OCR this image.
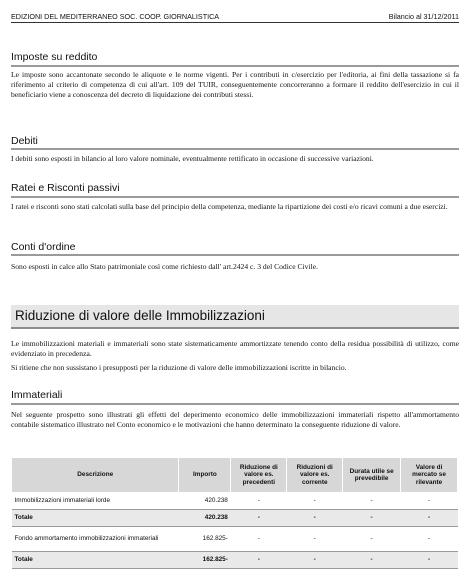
EDIZIONI DEL MEDITERRANEO SOC. COOP. GIORNALISTICA	Bilancio al 31/12/2011
Imposte su reddito
Le imposte sono accantonate secondo le aliquote e le norme vigenti. Per i contributi in c/esercizio per l'editoria, ai fini della tassazione si fa riferimento al criterio di competenza di cui all'art. 109 del TUIR, conseguentemente concorreranno a formare il reddito dell'esercizio in cui il beneficiario viene a conoscenza del decreto di liquidazione dei contributi stessi.
Debiti
I debiti sono esposti in bilancio al loro valore nominale, eventualmente rettificato in occasione di successive variazioni.
Ratei e Risconti passivi
I ratei e risconti sono stati calcolati sulla base del principio della competenza, mediante la ripartizione dei costi e/o ricavi comuni a due esercizi.
Conti d'ordine
Sono esposti in calce allo Stato patrimoniale così come richiesto dall' art.2424 c. 3 del Codice Civile.
Riduzione di valore delle Immobilizzazioni
Le immobilizzazioni materiali e immateriali sono state sistematicamente ammortizzate tenendo conto della residua possibilità di utilizzo, come evidenziato in precedenza.
Si ritiene che non sussistano i presupposti per la riduzione di valore delle immobilizzazioni iscritte in bilancio.
Immateriali
Nel seguente prospetto sono illustrati gli effetti del deperimento economico delle immobilizzazioni immateriali rispetto all'ammortamento contabile sistematico illustrato nel Conto economico e le motivazioni che hanno determinato la conseguente riduzione di valore.
Descrizione	Importo	Riduzione di valore es. precedenti	Riduzioni di valore es. corrente	Durata utile se prevedibile	Valore di mercato se rilevante
Immobilizzazioni immateriali lorde	420.238	-	-	-	-
Totale	420.238	-	-	-	-
Fondo ammortamento immobilizzazioni immateriali	162.825-	-	-	-	-
Totale	162.825-	-	-	-	-
